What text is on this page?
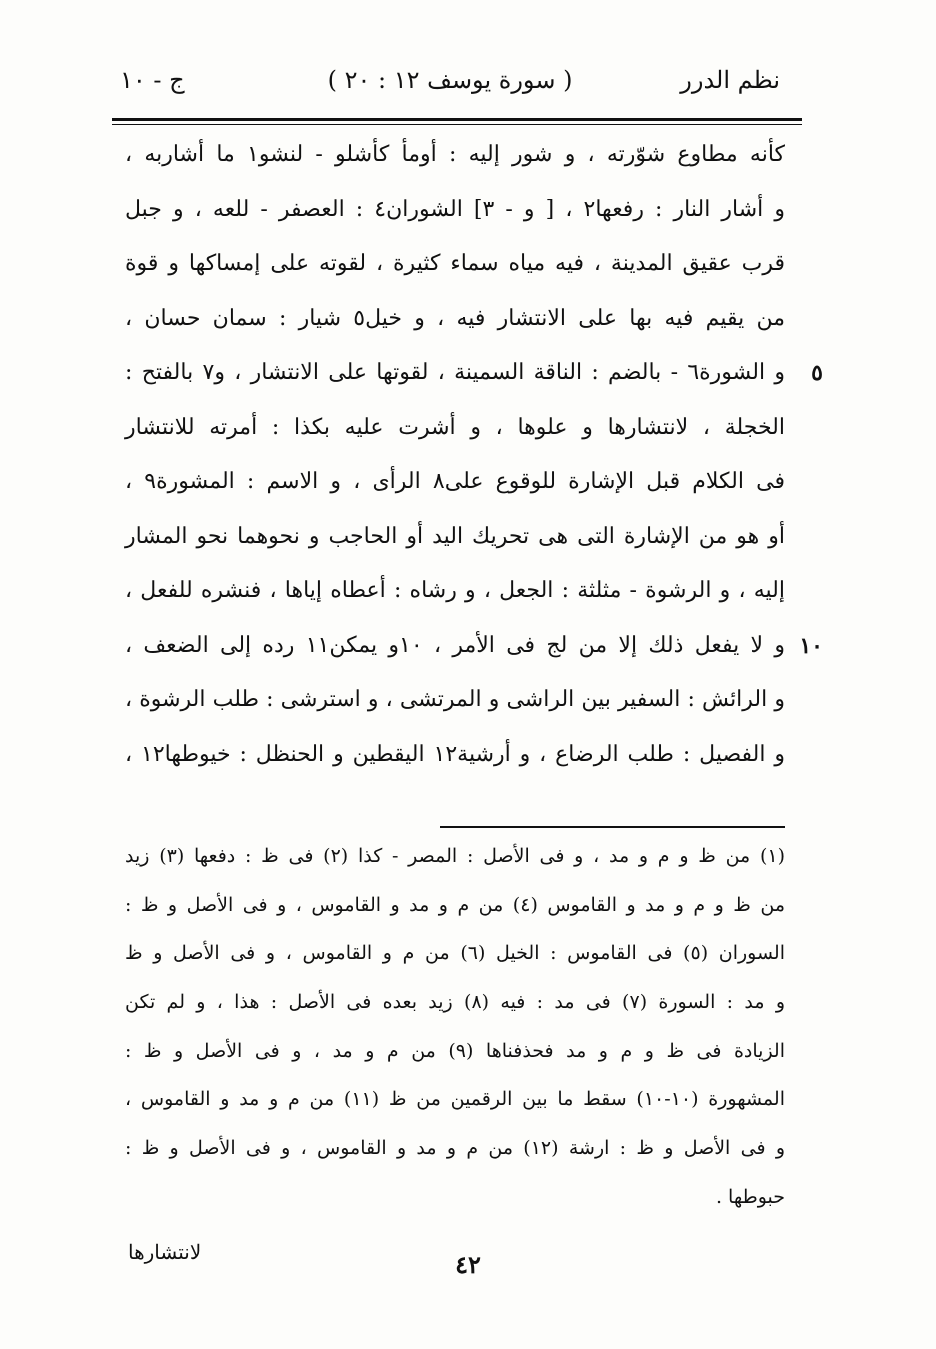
نظم الدرر
( سورة يوسف ١٢ : ٢٠ )
ج - ١٠
كأنه مطاوع شوّرته ، و شور إليه : أومأ كأشلو - لنشو١ ما أشاربه ،
و أشار النار : رفعها٢ ، [ و - ٣] الشوران٤ : العصفر - للعه ، و جبل
قرب عقيق المدينة ، فيه مياه سماء كثيرة ، لقوته على إمساكها و قوة
من يقيم فيه بها على الانتشار فيه ، و خيل٥ شيار : سمان حسان ،
٥
و الشورة٦ - بالضم : الناقة السمينة ، لقوتها على الانتشار ، و٧ بالفتح :
الخجلة ، لانتشارها و علوها ، و أشرت عليه بكذا : أمرته للانتشار
فى الكلام قبل الإشارة للوقوع على٨ الرأى ، و الاسم : المشورة٩ ،
أو هو من الإشارة التى هى تحريك اليد أو الحاجب و نحوهما نحو المشار
إليه ، و الرشوة - مثلثة : الجعل ، و رشاه : أعطاه إياها ، فنشره للفعل ،
١٠
و لا يفعل ذلك إلا من لج فى الأمر ، ١٠و يمكن١١ رده إلى الضعف ،
و الرائش : السفير بين الراشى و المرتشى ، و استرشى : طلب الرشوة ،
و الفصيل : طلب الرضاع ، و أرشية١٢ اليقطين و الحنظل : خيوطها١٢ ،
(١) من ظ و م و مد ، و فى الأصل : المصر - كذا (٢) فى ظ : دفعها (٣) زيد
من ظ و م و مد و القاموس (٤) من م و مد و القاموس ، و فى الأصل و ظ :
السوران (٥) فى القاموس : الخيل (٦) من م و القاموس ، و فى الأصل و ظ
و مد : السورة (٧) فى مد : فيه (٨) زيد بعده فى الأصل : هذا ، و لم تكن
الزيادة فى ظ و م و مد فحذفناها (٩) من م و مد ، و فى الأصل و ظ :
المشهورة (١٠-١٠) سقط ما بين الرقمين من ظ (١١) من م و مد و القاموس ،
و فى الأصل و ظ : ارشة (١٢) من م و مد و القاموس ، و فى الأصل و ظ :
حبوطها .
لانتشارها	٤٢
